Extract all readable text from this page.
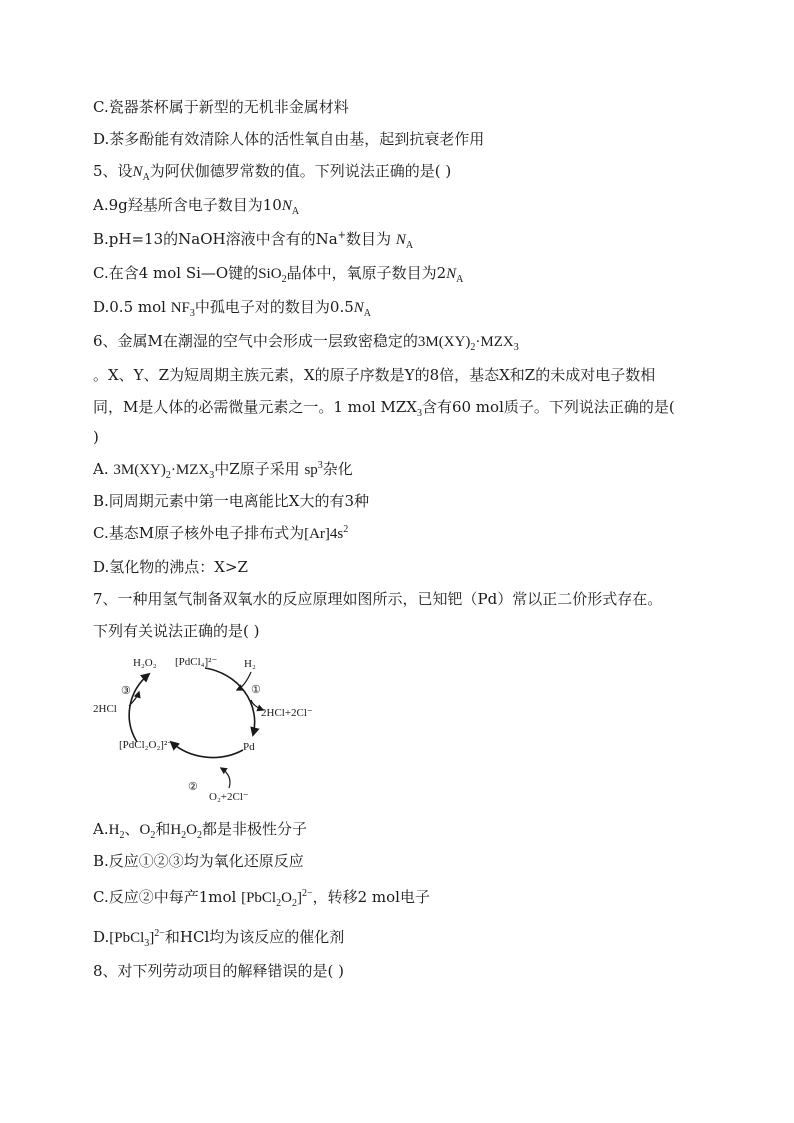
C.瓷器茶杯属于新型的无机非金属材料
D.茶多酚能有效清除人体的活性氧自由基，起到抗衰老作用
5、设$N_A$为阿伏伽德罗常数的值。下列说法正确的是( )
A.9g羟基所含电子数目为$10N_A$
B.pH=13的NaOH溶液中含有的Na+数目为 $N_A$
C.在含4 mol Si—O键的SiO$_2$晶体中，氧原子数目为$2N_A$
D.0.5 mol $NF_3$中孤电子对的数目为$0.5N_A$
6、金属M在潮湿的空气中会形成一层致密稳定的$3M(XY)_2\cdot MZX_3$
。X、Y、Z为短周期主族元素，X的原子序数是Y的8倍，基态X和Z的未成对电子数相
同，M是人体的必需微量元素之一。1 mol $MZX_3$含有60 mol质子。下列说法正确的是(
)
A. $3M(XY)_2\cdot MZX_3$中Z原子采用 $sp^3$杂化
B.同周期元素中第一电离能比X大的有3种
C.基态M原子核外电子排布式为$[Ar]4s^2$
D.氢化物的沸点：X>Z
7、一种用氢气制备双氧水的反应原理如图所示，已知钯（Pd）常以正二价形式存在。
下列有关说法正确的是( )
H₂O₂ [PdCl₄]²⁻ H₂
①
③
2HCl	2HCl+2Cl⁻
[PdCl₂O₂]²⁻	Pd
②
O₂+2Cl⁻
$A.H_2$、$O_2$和$H_2O_2$都是非极性分子
B.反应①②③均为氧化还原反应
C.反应②中每产1mol $[PbCl_2O_2]^{2-}$，转移2 mol电子
D.[PbCl$_3$]$^{2-}$和HCl均为该反应的催化剂
8、对下列劳动项目的解释错误的是( )
